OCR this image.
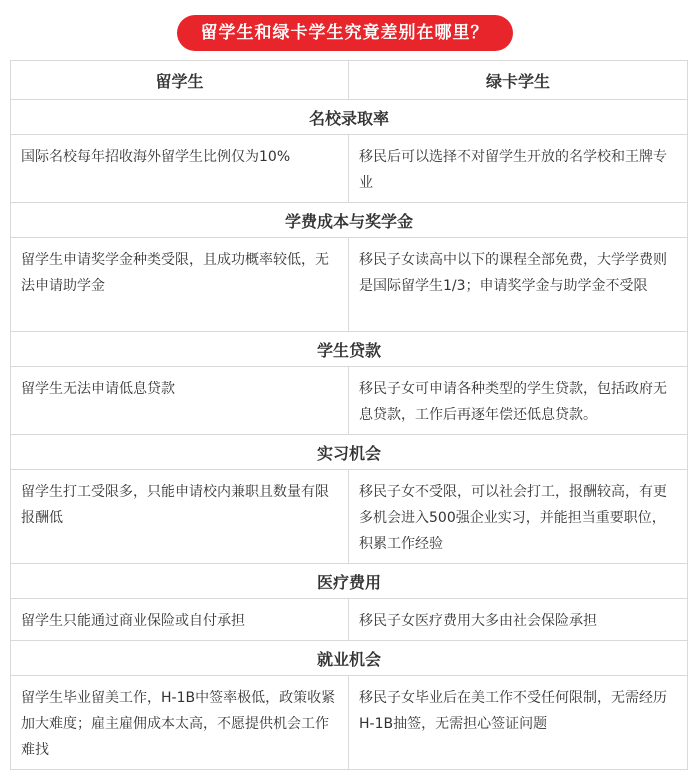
留学生和绿卡学生究竟差别在哪里？
留学生	绿卡学生
名校录取率	
国际名校每年招收海外留学生比例仅为10%	移民后可以选择不对留学生开放的名学校和王牌专业
学费成本与奖学金	
留学生申请奖学金种类受限，且成功概率较低，无法申请助学金	移民子女读高中以下的课程全部免费，大学学费则是国际留学生1/3；申请奖学金与助学金不受限
学生贷款	
留学生无法申请低息贷款	移民子女可申请各种类型的学生贷款，包括政府无息贷款，工作后再逐年偿还低息贷款。
实习机会	
留学生打工受限多，只能申请校内兼职且数量有限报酬低	移民子女不受限，可以社会打工，报酬较高，有更多机会进入500强企业实习，并能担当重要职位，积累工作经验
医疗费用	
留学生只能通过商业保险或自付承担	移民子女医疗费用大多由社会保险承担
就业机会	
留学生毕业留美工作，H-1B中签率极低，政策收紧加大难度；雇主雇佣成本太高，不愿提供机会工作难找	移民子女毕业后在美工作不受任何限制，无需经历H-1B抽签，无需担心签证问题
